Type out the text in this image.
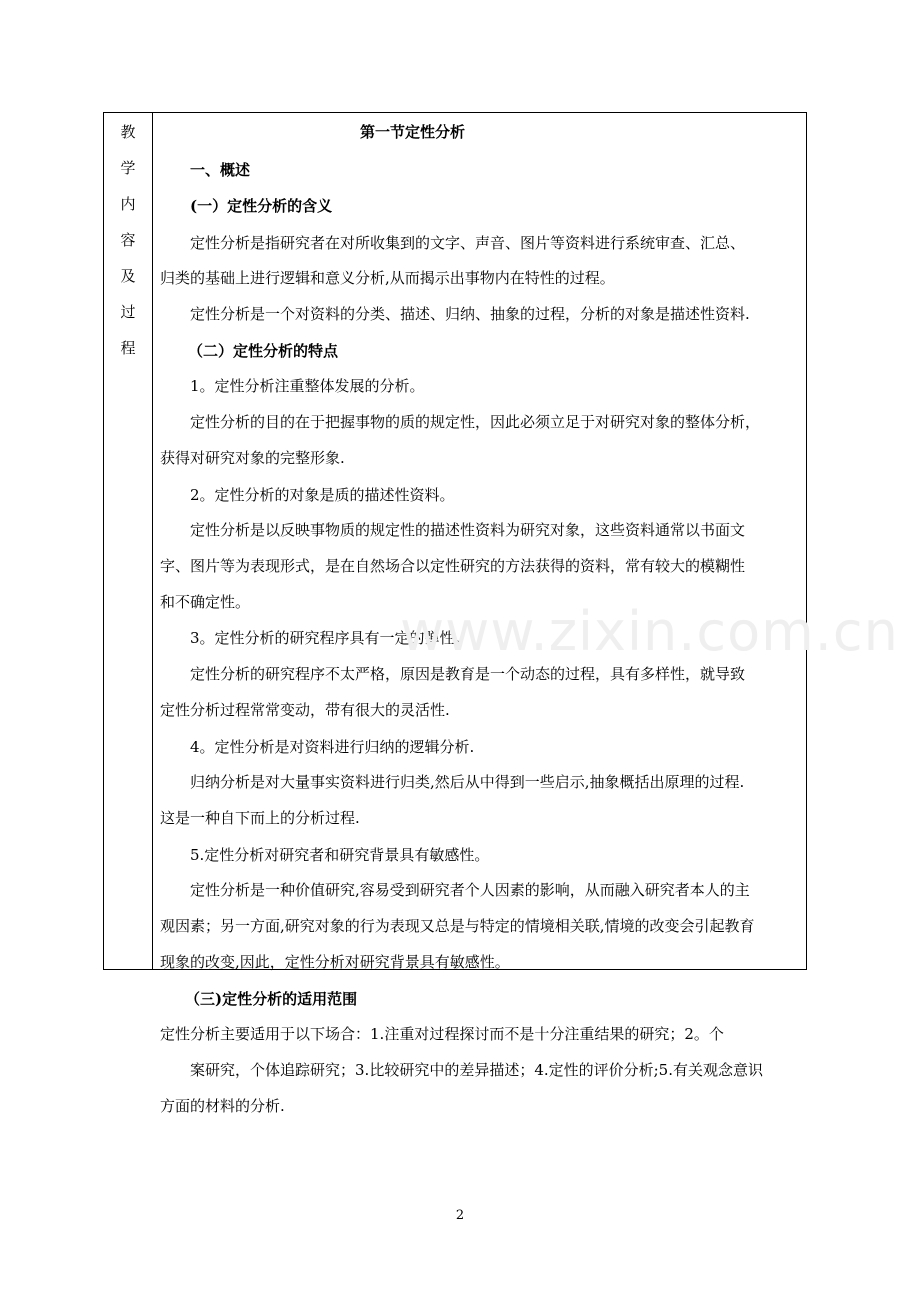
教
学
内
容
及
过
程
第一节定性分析
一、概述
(一）定性分析的含义
定性分析是指研究者在对所收集到的文字、声音、图片等资料进行系统审查、汇总、
归类的基础上进行逻辑和意义分析,从而揭示出事物内在特性的过程。
定性分析是一个对资料的分类、描述、归纳、抽象的过程，分析的对象是描述性资料.
（二）定性分析的特点
1。定性分析注重整体发展的分析。
定性分析的目的在于把握事物的质的规定性，因此必须立足于对研究对象的整体分析，
获得对研究对象的完整形象.
2。定性分析的对象是质的描述性资料。
定性分析是以反映事物质的规定性的描述性资料为研究对象，这些资料通常以书面文
字、图片等为表现形式，是在自然场合以定性研究的方法获得的资料，常有较大的模糊性
和不确定性。
3。定性分析的研究程序具有一定的弹性。
定性分析的研究程序不太严格，原因是教育是一个动态的过程，具有多样性，就导致
定性分析过程常常变动，带有很大的灵活性.
4。定性分析是对资料进行归纳的逻辑分析.
归纳分析是对大量事实资料进行归类,然后从中得到一些启示,抽象概括出原理的过程.
这是一种自下而上的分析过程.
5.定性分析对研究者和研究背景具有敏感性。
定性分析是一种价值研究,容易受到研究者个人因素的影响，从而融入研究者本人的主
观因素；另一方面,研究对象的行为表现又总是与特定的情境相关联,情境的改变会引起教育
现象的改变,因此，定性分析对研究背景具有敏感性。
（三)定性分析的适用范围
定性分析主要适用于以下场合：1.注重对过程探讨而不是十分注重结果的研究；2。个
案研究，个体追踪研究；3.比较研究中的差异描述；4.定性的评价分析;5.有关观念意识
方面的材料的分析.
www.zixin.com.cn
2
